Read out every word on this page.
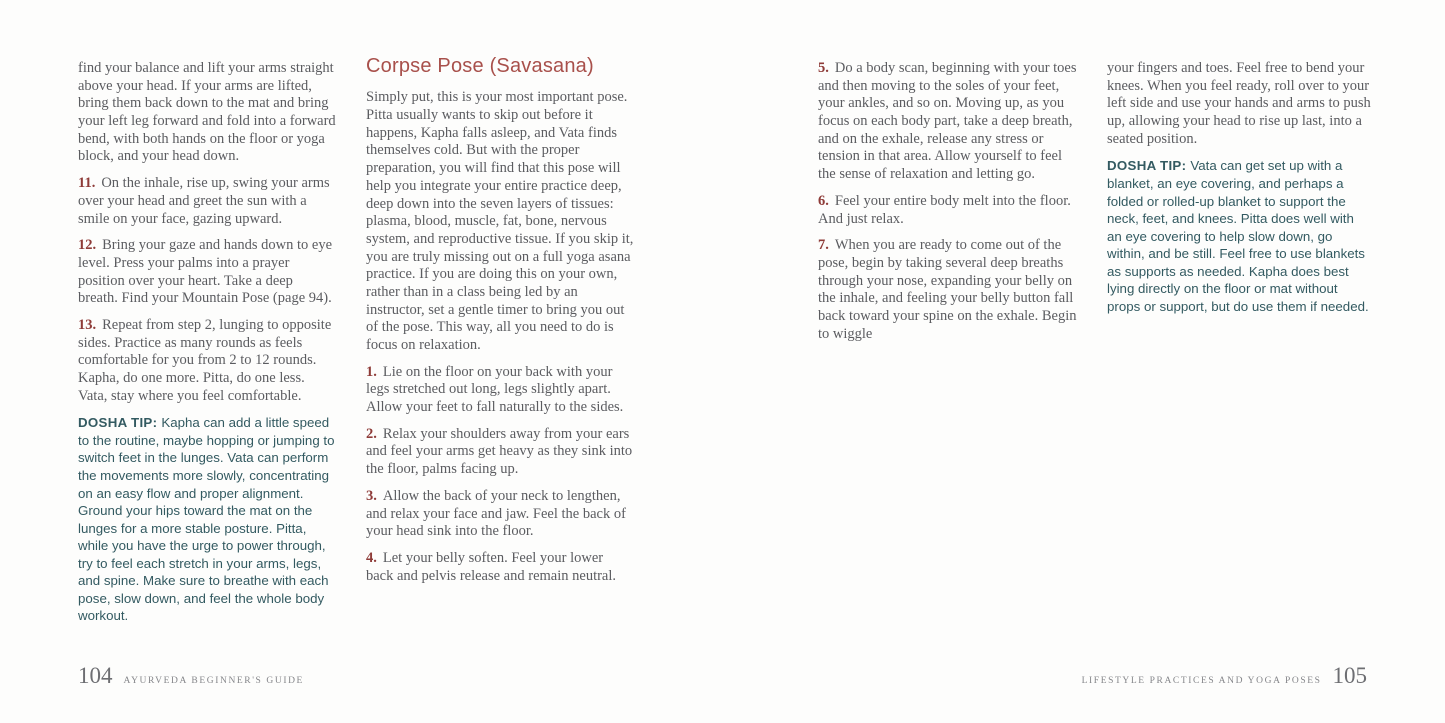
find your balance and lift your arms straight above your head. If your arms are lifted, bring them back down to the mat and bring your left leg forward and fold into a forward bend, with both hands on the floor or yoga block, and your head down.

11. On the inhale, rise up, swing your arms over your head and greet the sun with a smile on your face, gazing upward.

12. Bring your gaze and hands down to eye level. Press your palms into a prayer position over your heart. Take a deep breath. Find your Mountain Pose (page 94).

13. Repeat from step 2, lunging to opposite sides. Practice as many rounds as feels comfortable for you from 2 to 12 rounds. Kapha, do one more. Pitta, do one less. Vata, stay where you feel comfortable.

DOSHA TIP: Kapha can add a little speed to the routine, maybe hopping or jumping to switch feet in the lunges. Vata can perform the movements more slowly, concentrating on an easy flow and proper alignment. Ground your hips toward the mat on the lunges for a more stable posture. Pitta, while you have the urge to power through, try to feel each stretch in your arms, legs, and spine. Make sure to breathe with each pose, slow down, and feel the whole body workout.

Corpse Pose (Savasana)

Simply put, this is your most important pose. Pitta usually wants to skip out before it happens, Kapha falls asleep, and Vata finds themselves cold. But with the proper preparation, you will find that this pose will help you integrate your entire practice deep, deep down into the seven layers of tissues: plasma, blood, muscle, fat, bone, nervous system, and reproductive tissue. If you skip it, you are truly missing out on a full yoga asana practice. If you are doing this on your own, rather than in a class being led by an instructor, set a gentle timer to bring you out of the pose. This way, all you need to do is focus on relaxation.

1. Lie on the floor on your back with your legs stretched out long, legs slightly apart. Allow your feet to fall naturally to the sides.

2. Relax your shoulders away from your ears and feel your arms get heavy as they sink into the floor, palms facing up.

3. Allow the back of your neck to lengthen, and relax your face and jaw. Feel the back of your head sink into the floor.

4. Let your belly soften. Feel your lower back and pelvis release and remain neutral.

5. Do a body scan, beginning with your toes and then moving to the soles of your feet, your ankles, and so on. Moving up, as you focus on each body part, take a deep breath, and on the exhale, release any stress or tension in that area. Allow yourself to feel the sense of relaxation and letting go.

6. Feel your entire body melt into the floor. And just relax.

7. When you are ready to come out of the pose, begin by taking several deep breaths through your nose, expanding your belly on the inhale, and feeling your belly button fall back toward your spine on the exhale. Begin to wiggle

your fingers and toes. Feel free to bend your knees. When you feel ready, roll over to your left side and use your hands and arms to push up, allowing your head to rise up last, into a seated position.

DOSHA TIP: Vata can get set up with a blanket, an eye covering, and perhaps a folded or rolled-up blanket to support the neck, feet, and knees. Pitta does well with an eye covering to help slow down, go within, and be still. Feel free to use blankets as supports as needed. Kapha does best lying directly on the floor or mat without props or support, but do use them if needed.

104 AYURVEDA BEGINNER'S GUIDE	LIFESTYLE PRACTICES AND YOGA POSES 105
